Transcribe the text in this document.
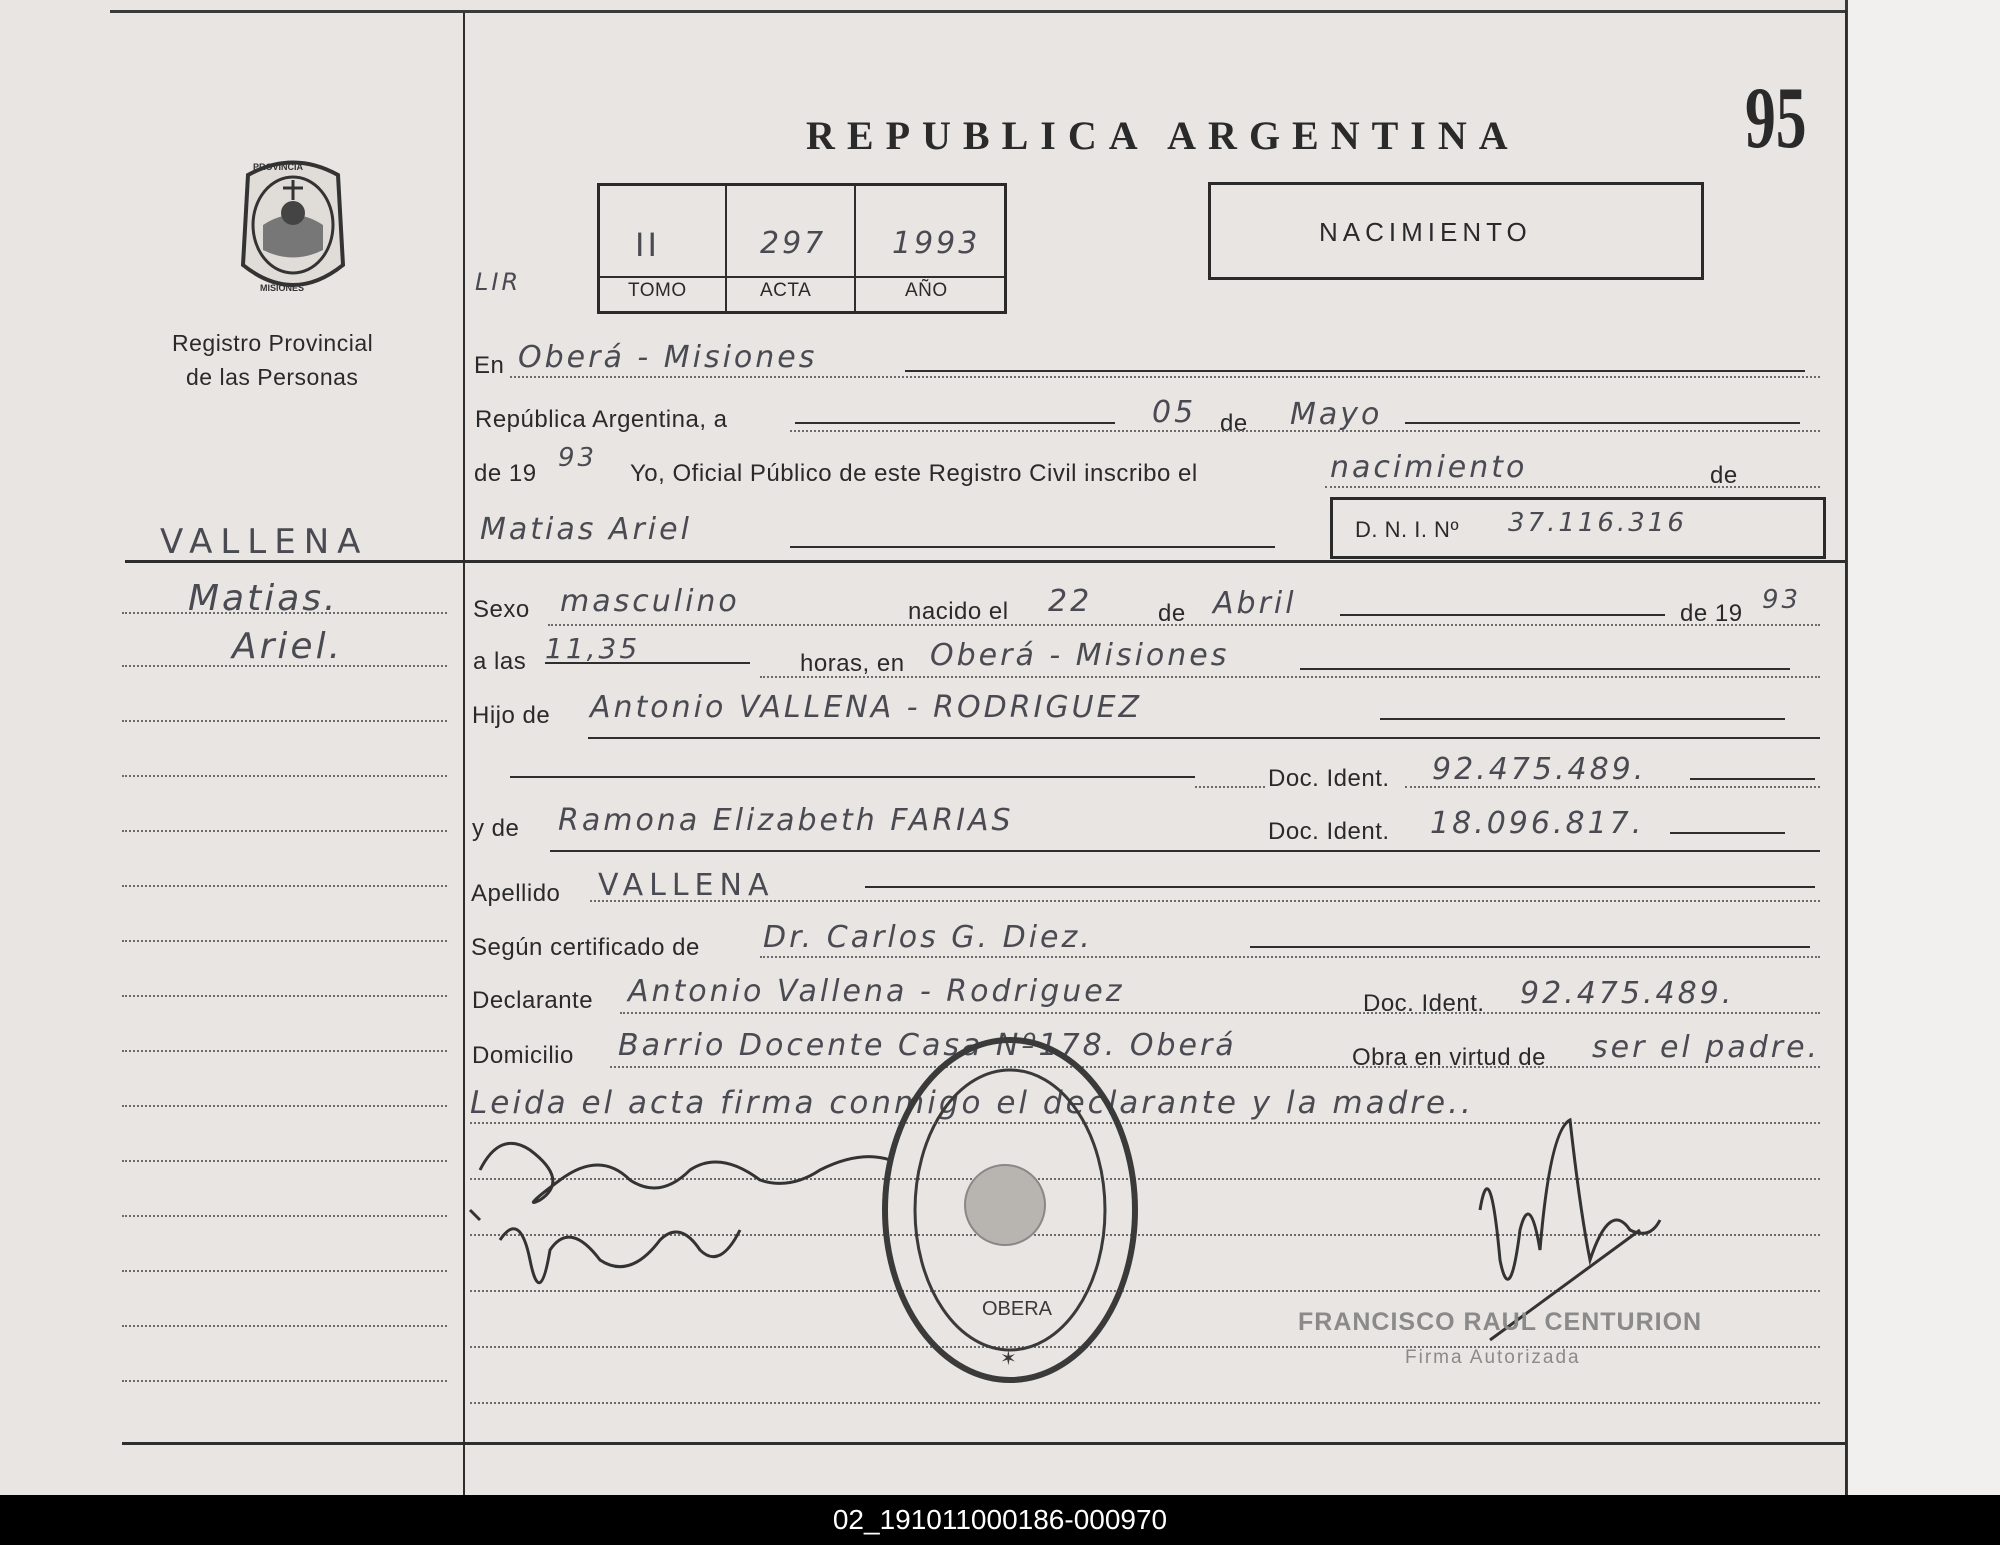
95
REPUBLICA ARGENTINA
PROVINCIA
MISIONES
Registro Provincial
de las Personas
LIR
II	297 1993
TOMO	ACTA	AÑO
NACIMIENTO
En Oberá - Misiones
República Argentina, a	05 de Mayo
de 19
93
Yo, Oficial Público de este Registro Civil inscribo el	nacimiento	de
Matias Ariel	D. N. I. Nº 37.116.316
VALLENA
Matias.
Ariel.
Sexo masculino	nacido el 22	de Abril	de 19 93
a las 11,35	horas, en Oberá - Misiones
Hijo de Antonio VALLENA - RODRIGUEZ
Doc. Ident. 92.475.489.
y de Ramona Elizabeth FARIAS	Doc. Ident. 18.096.817.
Apellido VALLENA
Según certificado de Dr. Carlos G. Diez.
Declarante Antonio Vallena - Rodriguez	Doc. Ident. 92.475.489.
Domicilio Barrio Docente Casa Nº178. Oberá	Obra en virtud de ser el padre.
Leida el acta firma conmigo el declarante y la madre..
OBERA
✶
FRANCISCO RAUL CENTURION
Firma Autorizada
02_191011000186-000970
